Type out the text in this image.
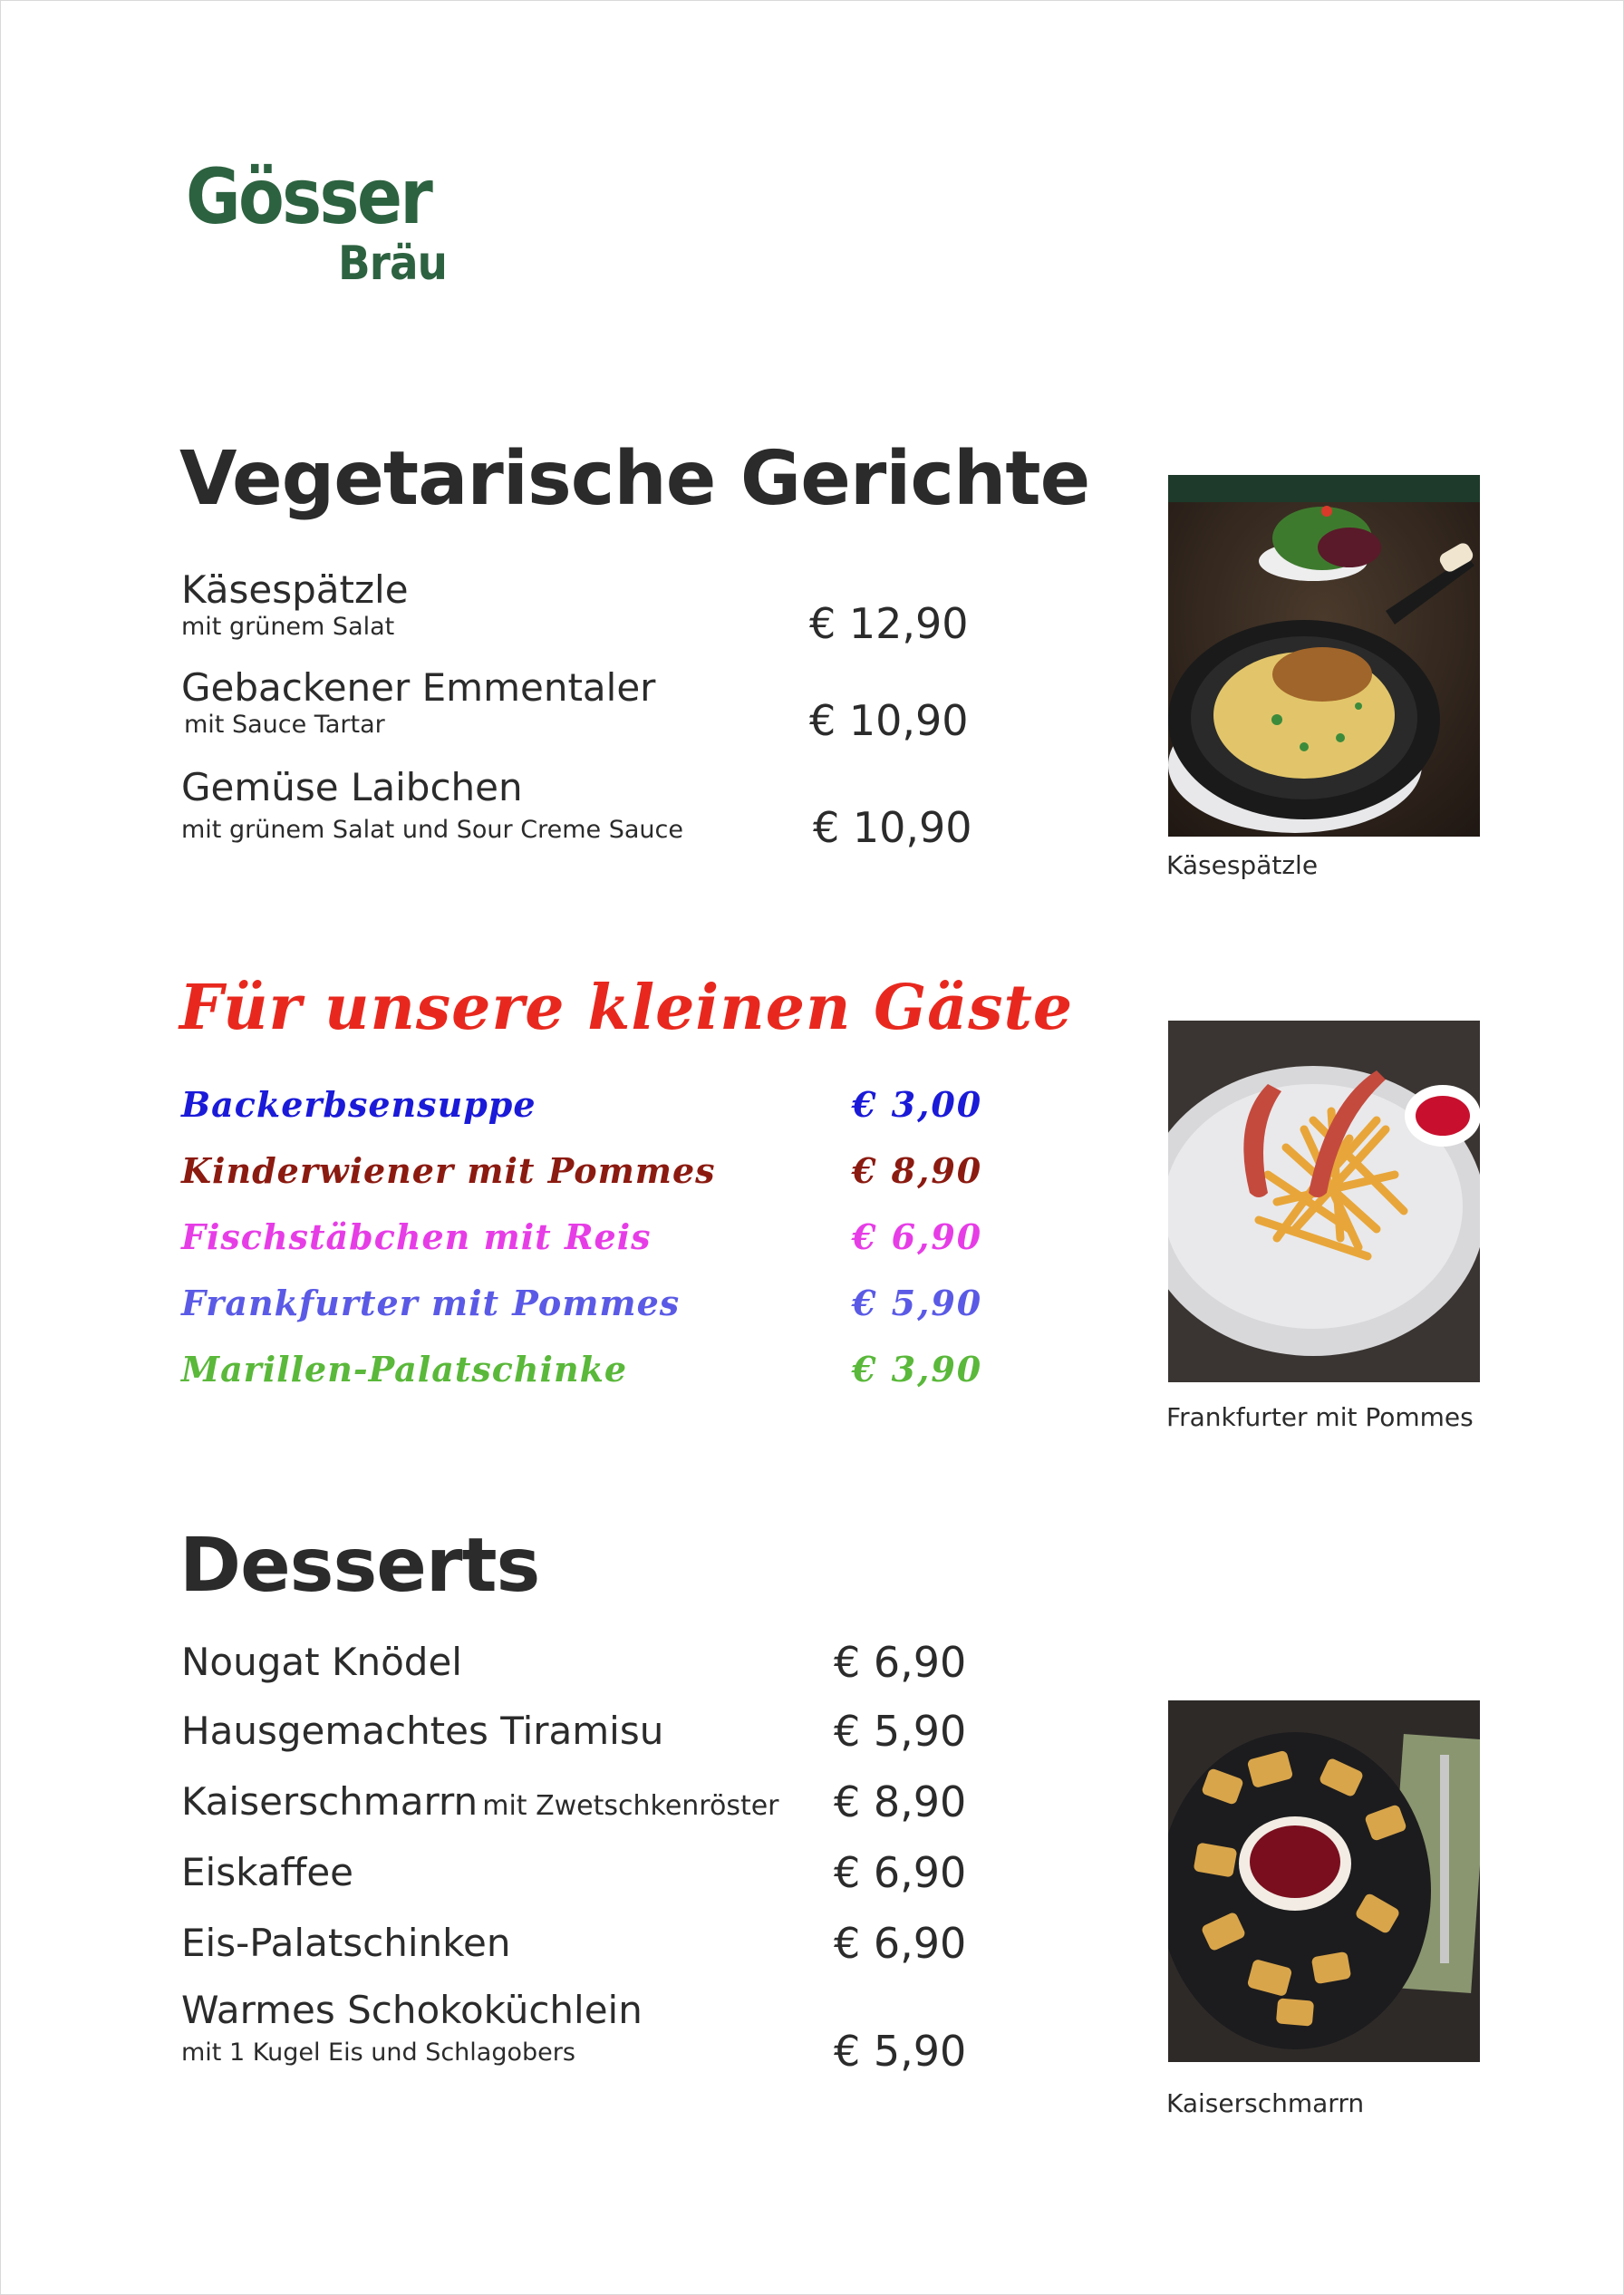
Gösser
Bräu
Vegetarische Gerichte
Käsespätzle
mit grünem Salat	€ 12,90
Gebackener Emmentaler
mit Sauce Tartar	€ 10,90
Gemüse Laibchen
mit grünem Salat und Sour Creme Sauce	€ 10,90
Käsespätzle
Für unsere kleinen Gäste
Backerbsensuppe	€ 3,00
Kinderwiener mit Pommes	€ 8,90
Fischstäbchen mit Reis	€ 6,90
Frankfurter mit Pommes	€ 5,90
Marillen-Palatschinke	€ 3,90
Frankfurter mit Pommes
Desserts
Nougat Knödel	€ 6,90
Hausgemachtes Tiramisu	€ 5,90
Kaiserschmarrn mit Zwetschkenröster € 8,90
Eiskaffee	€ 6,90
Eis-Palatschinken	€ 6,90
Warmes Schokoküchlein
mit 1 Kugel Eis und Schlagobers	€ 5,90
Kaiserschmarrn
